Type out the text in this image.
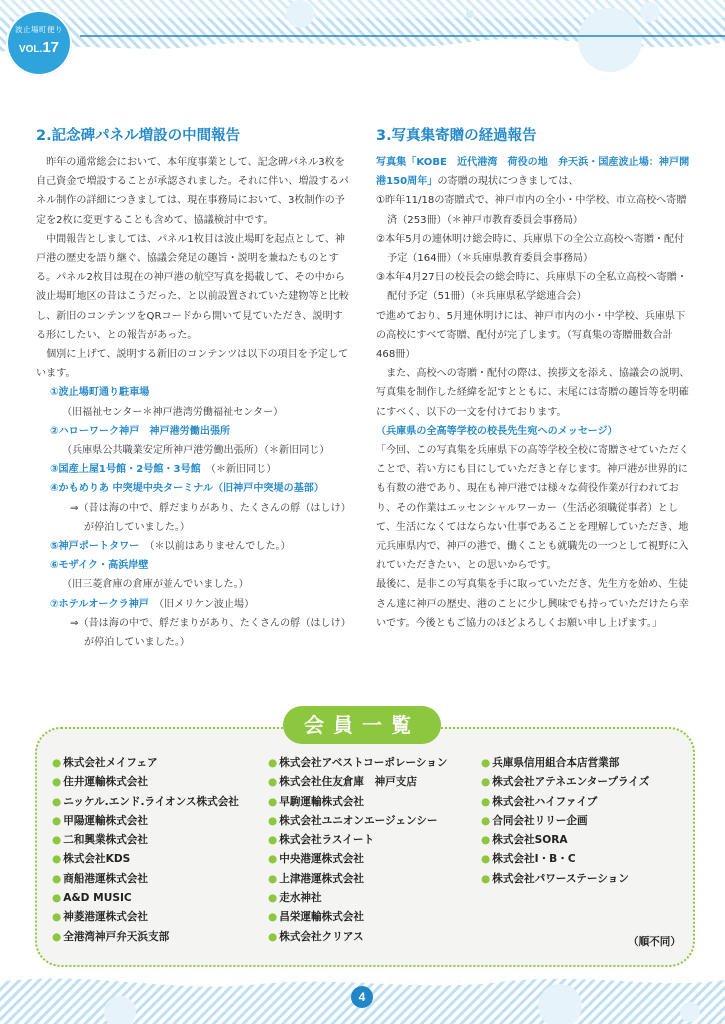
波止場町便り
VOL.17
2.記念碑パネル増設の中間報告

昨年の通常総会において、本年度事業として、記念碑パネル3枚を自己資金で増設することが承認されました。それに伴い、増設するパネル制作の詳細につきましては、現在事務局において、3枚制作の予定を2枚に変更することも含めて、協議検討中です。

中間報告としましては、パネル1枚目は波止場町を起点として、神戸港の歴史を語り継ぐ、協議会発足の趣旨・説明を兼ねたものとする。パネル2枚目は現在の神戸港の航空写真を掲載して、その中から波止場町地区の昔はこうだった、と以前設置されていた建物等と比較し、新旧のコンテンツをQRコードから開いて見ていただき、説明する形にしたい、との報告があった。

個別に上げて、説明する新旧のコンテンツは以下の項目を予定しています。

①波止場町通り駐車場
（旧福祉センター＊神戸港湾労働福祉センター）
②ハローワーク神戸　神戸港労働出張所
（兵庫県公共職業安定所神戸港労働出張所）（＊新旧同じ）
③国産上屋1号館・2号館・3号館　 （＊新旧同じ）
④かもめりあ 中突堤中央ターミナル（旧神戸中突堤の基部）
⇒（昔は海の中で、艀だまりがあり、たくさんの艀（はしけ）
が停泊していました。）
⑤神戸ポートタワー　 （＊以前はありませんでした。）
⑥モザイク・高浜岸壁
（旧三菱倉庫の倉庫が並んでいました。）
⑦ホテルオークラ神戸　 （旧メリケン波止場）
⇒（昔は海の中で、艀だまりがあり、たくさんの艀（はしけ）
が停泊していました。）
3.写真集寄贈の経過報告

写真集「KOBE　近代港湾　荷役の地　弁天浜・国産波止場：神戸開港150周年」の寄贈の現状につきましては、

①昨年11/18の寄贈式で、神戸市内の全小・中学校、市立高校へ寄贈済（253冊）（＊神戸市教育委員会事務局）

②本年5月の連休明け総会時に、兵庫県下の全公立高校へ寄贈・配付予定（164冊）（＊兵庫県教育委員会事務局）

③本年4月27日の校長会の総会時に、兵庫県下の全私立高校へ寄贈・配付予定（51冊）（＊兵庫県私学総連合会）

で進めており、5月連休明けには、神戸市内の小・中学校、兵庫県下の高校にすべて寄贈、配付が完了します。（写真集の寄贈冊数合計468冊）

また、高校への寄贈・配付の際は、挨拶文を添え、協議会の説明、写真集を制作した経緯を記すとともに、末尾には寄贈の趣旨等を明確にすべく、以下の一文を付けております。

（兵庫県の全高等学校の校長先生宛へのメッセージ）

「今回、この写真集を兵庫県下の高等学校全校に寄贈させていただくことで、若い方にも目にしていただきと存じます。神戸港が世界的にも有数の港であり、現在も神戸港では様々な荷役作業が行われており、その作業はエッセンシャルワーカー（生活必須職従事者）として、生活になくてはならない仕事であることを理解していただき、地元兵庫県内で、神戸の港で、働くことも就職先の一つとして視野に入れていただきたい、との思いからです。

最後に、是非この写真集を手に取っていただき、先生方を始め、生徒さん達に神戸の歴史、港のことに少し興味でも持っていただけたら幸いです。今後ともご協力のほどよろしくお願い申し上げます。」

会員一覧
● 株式会社メイフェア
● 住井運輸株式会社
● ニッケル.エンド.ライオンス株式会社
● 甲陽運輸株式会社
● 二和興業株式会社
● 株式会社KDS
● 商船港運株式会社
● A&D MUSIC
● 神菱港運株式会社
● 全港湾神戸弁天浜支部
● 株式会社アベストコーポレーション
● 株式会社住友倉庫　神戸支店
● 早駒運輸株式会社
● 株式会社ユニオンエージェンシー
● 株式会社ラスイート
● 中央港運株式会社
● 上津港運株式会社
● 走水神社
● 昌栄運輸株式会社
● 株式会社クリアス
● 兵庫県信用組合本店営業部
● 株式会社アテネエンタープライズ
● 株式会社ハイファイブ
● 合同会社リリー企画
● 株式会社SORA
● 株式会社I・B・C
● 株式会社パワーステーション
（順不同）
4
